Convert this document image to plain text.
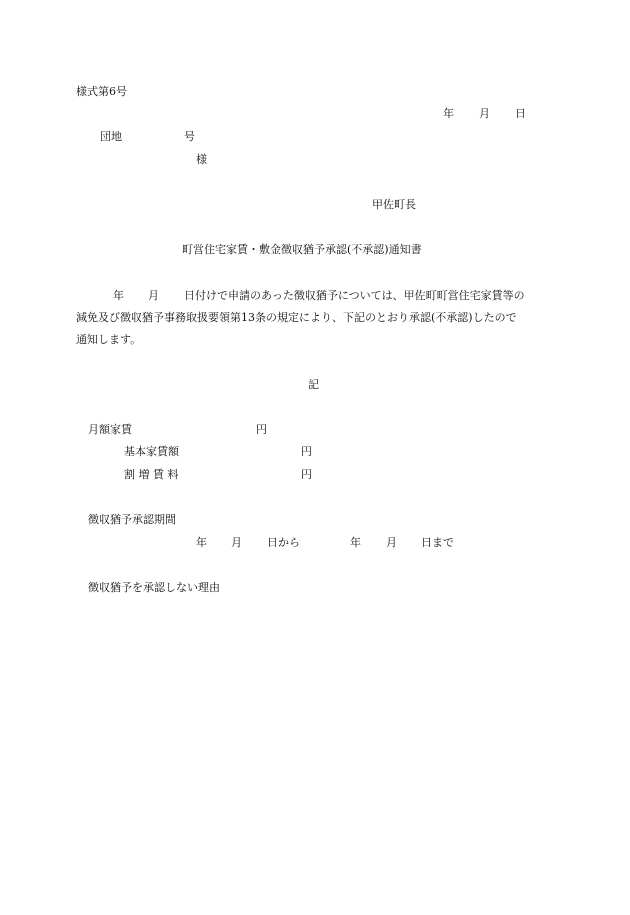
様式第6号
年 月 日
団地	号
様
甲佐町長
町営住宅家賃・敷金徴収猶予承認(不承認)通知書
年 月 日付けで申請のあった徴収猶予については、甲佐町町営住宅家賃等の
減免及び徴収猶予事務取扱要領第13条の規定により、下記のとおり承認(不承認)したので
通知します。
記
月額家賃	円
基本家賃額	円
割 増 賃 料	円
徴収猶予承認期間
年 月 日から	年 月 日まで
徴収猶予を承認しない理由
